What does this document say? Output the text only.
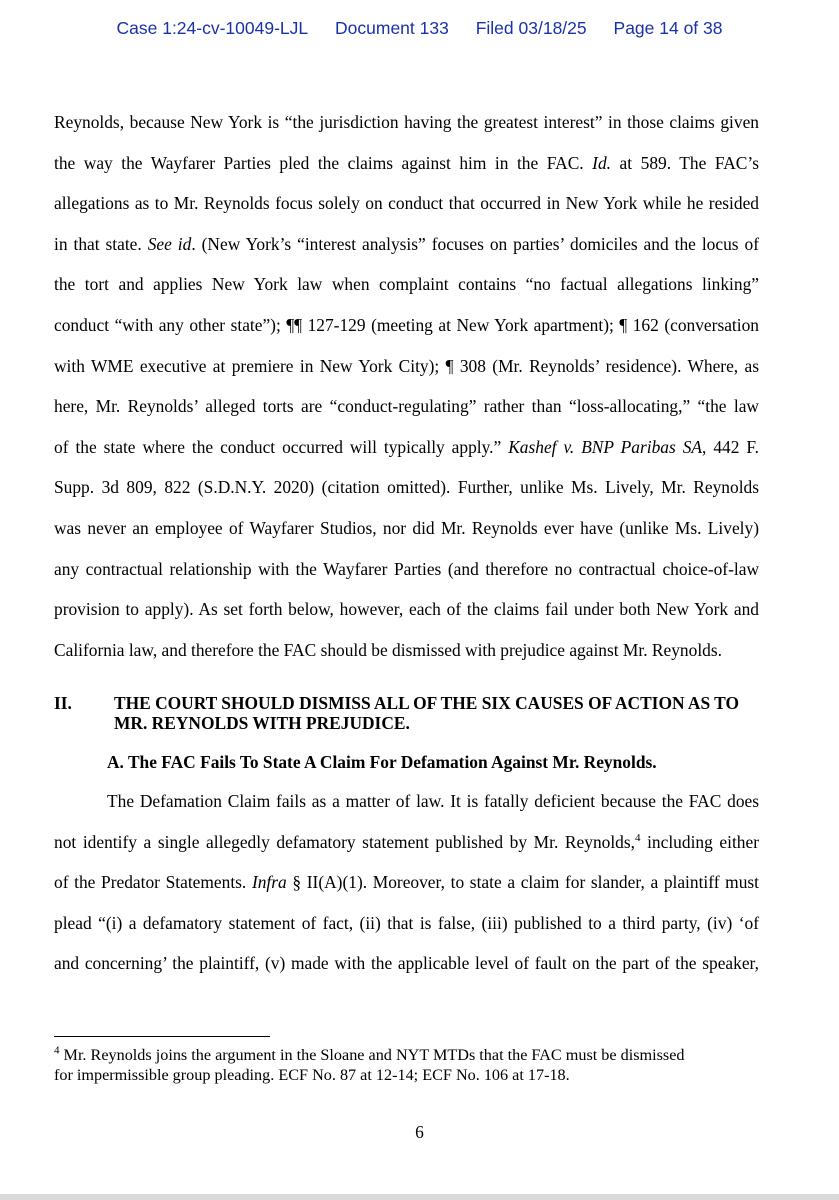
Case 1:24-cv-10049-LJL Document 133 Filed 03/18/25 Page 14 of 38
Reynolds, because New York is “the jurisdiction having the greatest interest” in those claims given
the way the Wayfarer Parties pled the claims against him in the FAC. Id. at 589. The FAC’s
allegations as to Mr. Reynolds focus solely on conduct that occurred in New York while he resided
in that state. See id. (New York’s “interest analysis” focuses on parties’ domiciles and the locus of
the tort and applies New York law when complaint contains “no factual allegations linking”
conduct “with any other state”); ¶¶ 127-129 (meeting at New York apartment); ¶ 162 (conversation
with WME executive at premiere in New York City); ¶ 308 (Mr. Reynolds’ residence). Where, as
here, Mr. Reynolds’ alleged torts are “conduct-regulating” rather than “loss-allocating,” “the law
of the state where the conduct occurred will typically apply.” Kashef v. BNP Paribas SA, 442 F.
Supp. 3d 809, 822 (S.D.N.Y. 2020) (citation omitted). Further, unlike Ms. Lively, Mr. Reynolds
was never an employee of Wayfarer Studios, nor did Mr. Reynolds ever have (unlike Ms. Lively)
any contractual relationship with the Wayfarer Parties (and therefore no contractual choice-of-law
provision to apply). As set forth below, however, each of the claims fail under both New York and
California law, and therefore the FAC should be dismissed with prejudice against Mr. Reynolds.
II. THE COURT SHOULD DISMISS ALL OF THE SIX CAUSES OF ACTION AS TO
MR. REYNOLDS WITH PREJUDICE.
A. The FAC Fails To State A Claim For Defamation Against Mr. Reynolds.
The Defamation Claim fails as a matter of law. It is fatally deficient because the FAC does
not identify a single allegedly defamatory statement published by Mr. Reynolds,$^4$ including either
of the Predator Statements. Infra § II(A)(1). Moreover, to state a claim for slander, a plaintiff must
plead “(i) a defamatory statement of fact, (ii) that is false, (iii) published to a third party, (iv) ‘of
and concerning’ the plaintiff, (v) made with the applicable level of fault on the part of the speaker,
$^4$ Mr. Reynolds joins the argument in the Sloane and NYT MTDs that the FAC must be dismissed
for impermissible group pleading. ECF No. 87 at 12-14; ECF No. 106 at 17-18.
6
